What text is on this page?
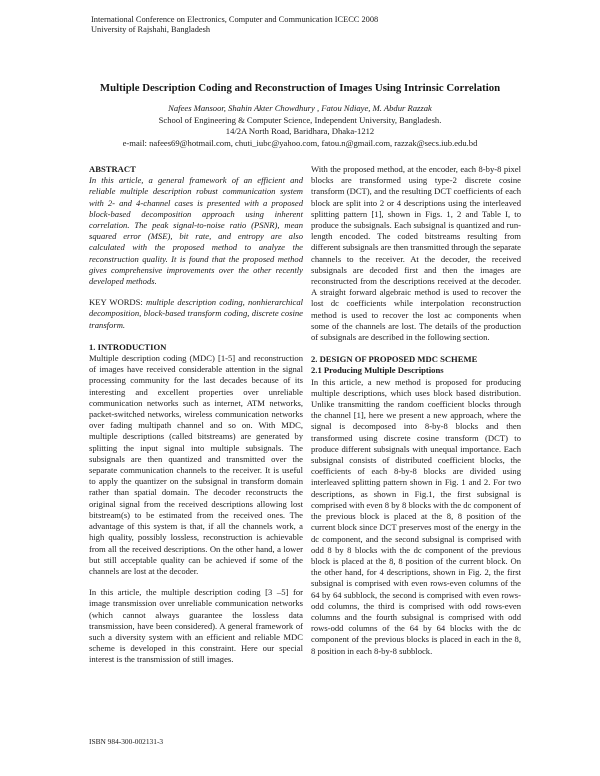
International Conference on Electronics, Computer and Communication ICECC 2008
University of Rajshahi, Bangladesh
Multiple Description Coding and Reconstruction of Images Using Intrinsic Correlation
Nafees Mansoor, Shahin Akter Chowdhury , Fatou Ndiaye, M. Abdur Razzak
School of Engineering & Computer Science, Independent University, Bangladesh.
14/2A North Road, Baridhara, Dhaka-1212
e-mail: nafees69@hotmail.com, chuti_iubc@yahoo.com, fatou.n@gmail.com, razzak@secs.iub.edu.bd

ABSTRACT

In this article, a general framework of an efficient and reliable multiple description robust communication system with 2- and 4-channel cases is presented with a proposed block-based decomposition approach using inherent correlation. The peak signal-to-noise ratio (PSNR), mean squared error (MSE), bit rate, and entropy are also calculated with the proposed method to analyze the reconstruction quality. It is found that the proposed method gives comprehensive improvements over the other recently developed methods.

KEY WORDS: multiple description coding, nonhierarchical decomposition, block-based transform coding, discrete cosine transform.

1. INTRODUCTION

Multiple description coding (MDC) [1-5] and reconstruction of images have received considerable attention in the signal processing community for the last decades because of its interesting and excellent properties over unreliable communication networks such as internet, ATM networks, packet-switched networks, wireless communication networks over fading multipath channel and so on. With MDC, multiple descriptions (called bitstreams) are generated by splitting the input signal into multiple subsignals. The subsignals are then quantized and transmitted over the separate communication channels to the receiver. It is useful to apply the quantizer on the subsignal in transform domain rather than spatial domain. The decoder reconstructs the original signal from the received descriptions allowing lost bitstream(s) to be estimated from the received ones. The advantage of this system is that, if all the channels work, a high quality, possibly lossless, reconstruction is achievable from all the received descriptions. On the other hand, a lower but still acceptable quality can be achieved if some of the channels are lost at the decoder.

In this article, the multiple description coding [3 –5] for image transmission over unreliable communication networks (which cannot always guarantee the lossless data transmission, have been considered). A general framework of such a diversity system with an efficient and reliable MDC scheme is developed in this constraint. Here our special interest is the transmission of still images.

With the proposed method, at the encoder, each 8-by-8 pixel blocks are transformed using type-2 discrete cosine transform (DCT), and the resulting DCT coefficients of each block are split into 2 or 4 descriptions using the interleaved splitting pattern [1], shown in Figs. 1, 2 and Table I, to produce the subsignals. Each subsignal is quantized and run-length encoded. The coded bitstreams resulting from different subsignals are then transmitted through the separate channels to the receiver. At the decoder, the received subsignals are decoded first and then the images are reconstructed from the descriptions received at the decoder. A straight forward algebraic method is used to recover the lost dc coefficients while interpolation reconstruction method is used to recover the lost ac components when some of the channels are lost. The details of the production of subsignals are described in the following section.

2. DESIGN OF PROPOSED MDC SCHEME

2.1 Producing Multiple Descriptions

In this article, a new method is proposed for producing multiple descriptions, which uses block based distribution. Unlike transmitting the random coefficient blocks through the channel [1], here we present a new approach, where the signal is decomposed into 8-by-8 blocks and then transformed using discrete cosine transform (DCT) to produce different subsignals with unequal importance. Each subsignal consists of distributed coefficient blocks, the coefficients of each 8-by-8 blocks are divided using interleaved splitting pattern shown in Fig. 1 and 2. For two descriptions, as shown in Fig.1, the first subsignal is comprised with even 8 by 8 blocks with the dc component of the previous block is placed at the 8, 8 position of the current block since DCT preserves most of the energy in the dc component, and the second subsignal is comprised with odd 8 by 8 blocks with the dc component of the previous block is placed at the 8, 8 position of the current block. On the other hand, for 4 descriptions, shown in Fig. 2, the first subsignal is comprised with even rows-even columns of the 64 by 64 subblock, the second is comprised with even rows-odd columns, the third is comprised with odd rows-even columns and the fourth subsignal is comprised with odd rows-odd columns of the 64 by 64 blocks with the dc component of the previous blocks is placed in each in the 8, 8 position in each 8-by-8 subblock.

ISBN 984-300-002131-3
